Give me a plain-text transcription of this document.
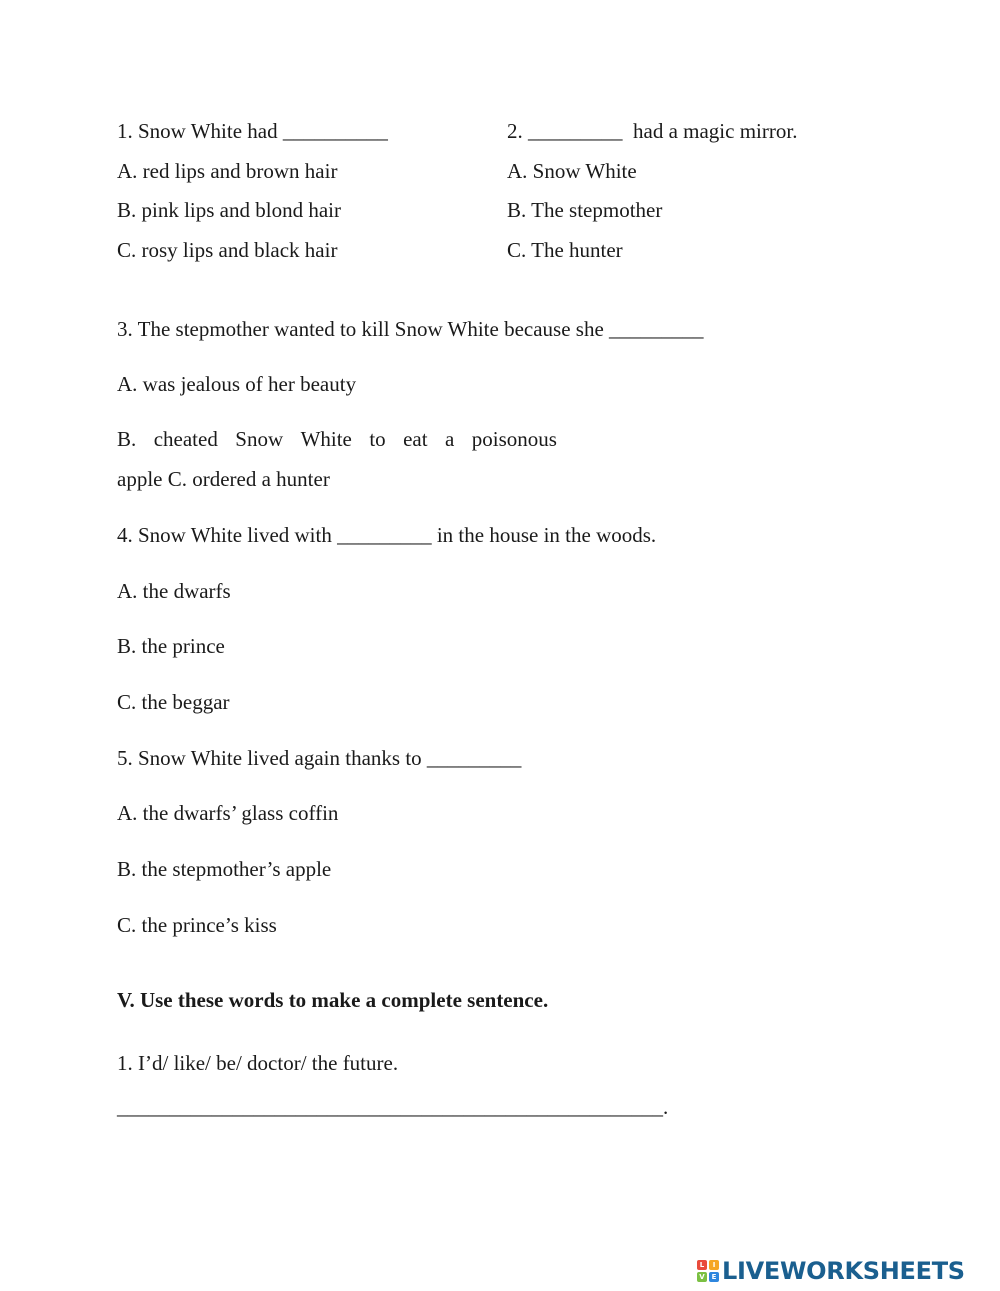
1. Snow White had __________
A. red lips and brown hair
B. pink lips and blond hair
C. rosy lips and black hair
2. _________  had a magic mirror.
A. Snow White
B. The stepmother
C. The hunter
3. The stepmother wanted to kill Snow White because she _________
A. was jealous of her beauty
B. cheated Snow White to eat a poisonous
apple C. ordered a hunter
4. Snow White lived with _________ in the house in the woods.
A. the dwarfs
B. the prince
C. the beggar
5. Snow White lived again thanks to _________
A. the dwarfs’ glass coffin
B. the stepmother’s apple
C. the prince’s kiss
V. Use these words to make a complete sentence.
1. I’d/ like/ be/ doctor/ the future.
____________________________________________________.
L	I
V E LIVEWORKSHEETS
